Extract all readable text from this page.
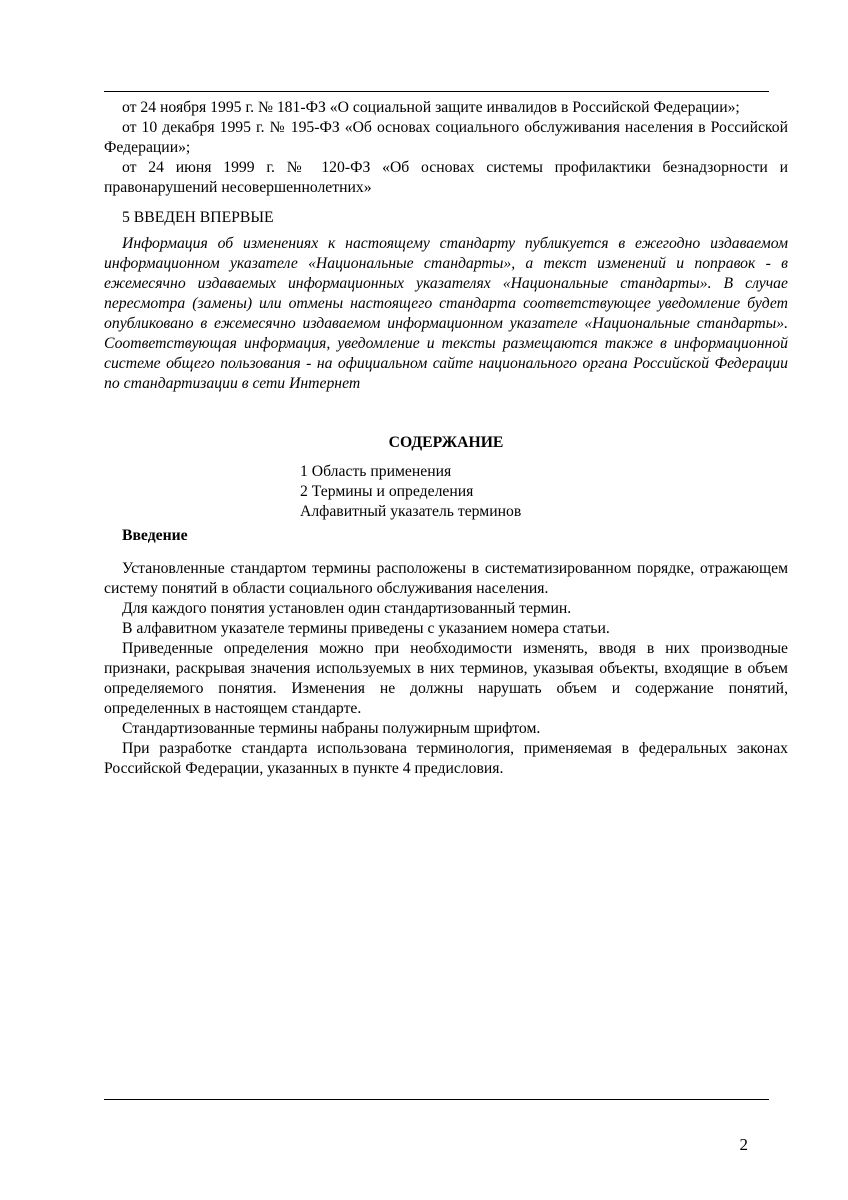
от 24 ноября 1995 г. № 181-ФЗ «О социальной защите инвалидов в Российской Федерации»;

от 10 декабря 1995 г. № 195-ФЗ «Об основах социального обслуживания населения в Российской Федерации»;

от 24 июня 1999 г. № 120-ФЗ «Об основах системы профилактики безнадзорности и правонарушений несовершеннолетних»

5 ВВЕДЕН ВПЕРВЫЕ

Информация об изменениях к настоящему стандарту публикуется в ежегодно издаваемом информационном указателе «Национальные стандарты», а текст изменений и поправок - в ежемесячно издаваемых информационных указателях «Национальные стандарты». В случае пересмотра (замены) или отмены настоящего стандарта соответствующее уведомление будет опубликовано в ежемесячно издаваемом информационном указателе «Национальные стандарты». Соответствующая информация, уведомление и тексты размещаются также в информационной системе общего пользования - на официальном сайте национального органа Российской Федерации по стандартизации в сети Интернет

СОДЕРЖАНИЕ

1 Область применения
2 Термины и определения
Алфавитный указатель терминов

Введение

Установленные стандартом термины расположены в систематизированном порядке, отражающем систему понятий в области социального обслуживания населения.

Для каждого понятия установлен один стандартизованный термин.

В алфавитном указателе термины приведены с указанием номера статьи.

Приведенные определения можно при необходимости изменять, вводя в них производные признаки, раскрывая значения используемых в них терминов, указывая объекты, входящие в объем определяемого понятия. Изменения не должны нарушать объем и содержание понятий, определенных в настоящем стандарте.

Стандартизованные термины набраны полужирным шрифтом.

При разработке стандарта использована терминология, применяемая в федеральных законах Российской Федерации, указанных в пункте 4 предисловия.

2
